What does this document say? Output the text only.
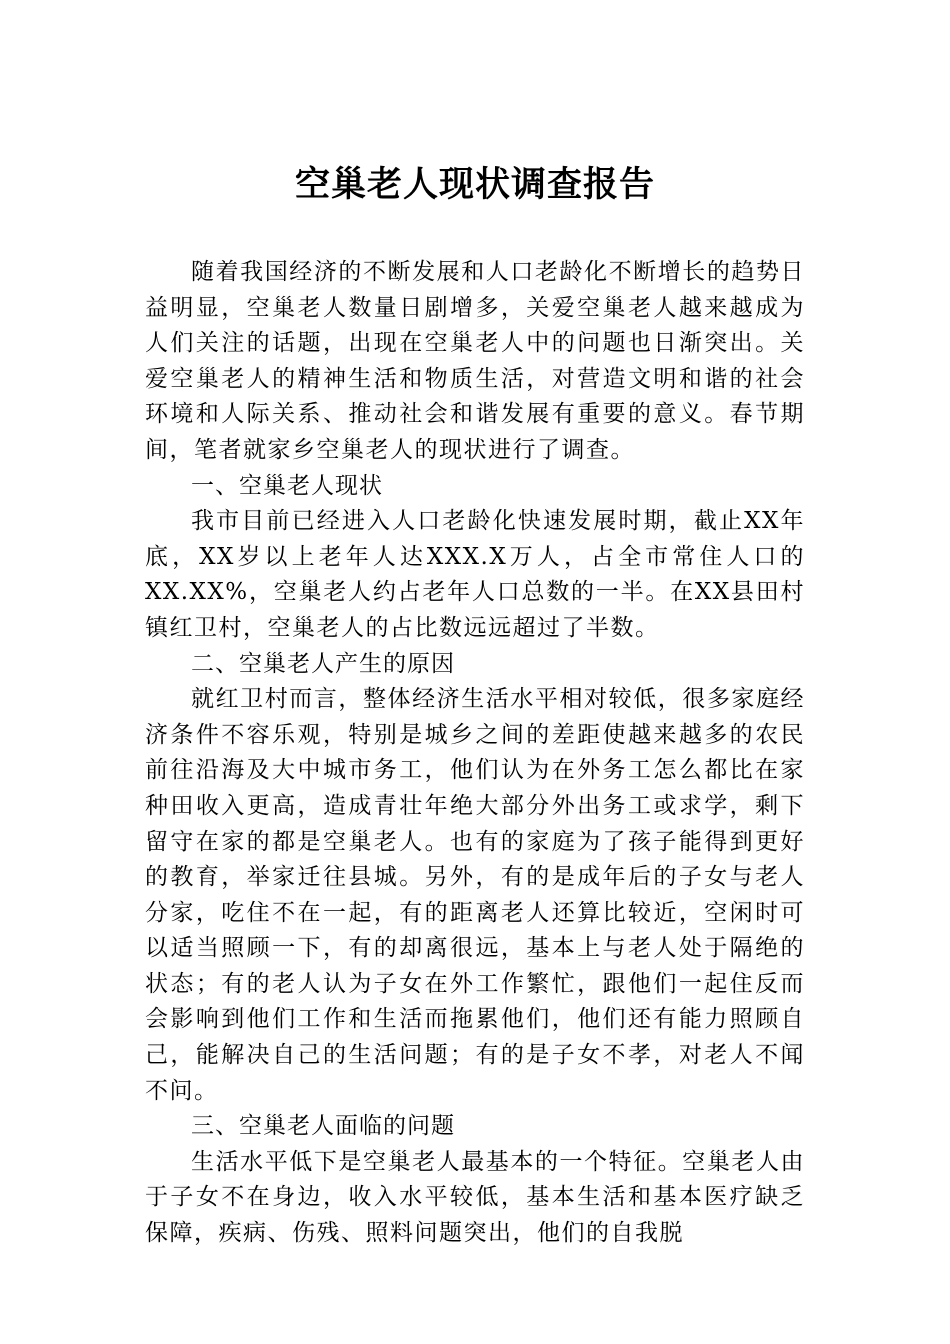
空巢老人现状调查报告

随着我国经济的不断发展和人口老龄化不断增长的趋势日益明显，空巢老人数量日剧增多，关爱空巢老人越来越成为人们关注的话题，出现在空巢老人中的问题也日渐突出。关爱空巢老人的精神生活和物质生活，对营造文明和谐的社会环境和人际关系、推动社会和谐发展有重要的意义。春节期间，笔者就家乡空巢老人的现状进行了调查。

一、空巢老人现状

我市目前已经进入人口老龄化快速发展时期，截止XX年底，XX岁以上老年人达XXX.X万人，占全市常住人口的XX.XX%，空巢老人约占老年人口总数的一半。在XX县田村镇红卫村，空巢老人的占比数远远超过了半数。

二、空巢老人产生的原因

就红卫村而言，整体经济生活水平相对较低，很多家庭经济条件不容乐观，特别是城乡之间的差距使越来越多的农民前往沿海及大中城市务工，他们认为在外务工怎么都比在家种田收入更高，造成青壮年绝大部分外出务工或求学，剩下留守在家的都是空巢老人。也有的家庭为了孩子能得到更好的教育，举家迁往县城。另外，有的是成年后的子女与老人分家，吃住不在一起，有的距离老人还算比较近，空闲时可以适当照顾一下，有的却离很远，基本上与老人处于隔绝的状态；有的老人认为子女在外工作繁忙，跟他们一起住反而会影响到他们工作和生活而拖累他们，他们还有能力照顾自己，能解决自己的生活问题；有的是子女不孝，对老人不闻不问。

三、空巢老人面临的问题

生活水平低下是空巢老人最基本的一个特征。空巢老人由于子女不在身边，收入水平较低，基本生活和基本医疗缺乏保障，疾病、伤残、照料问题突出，他们的自我脱
